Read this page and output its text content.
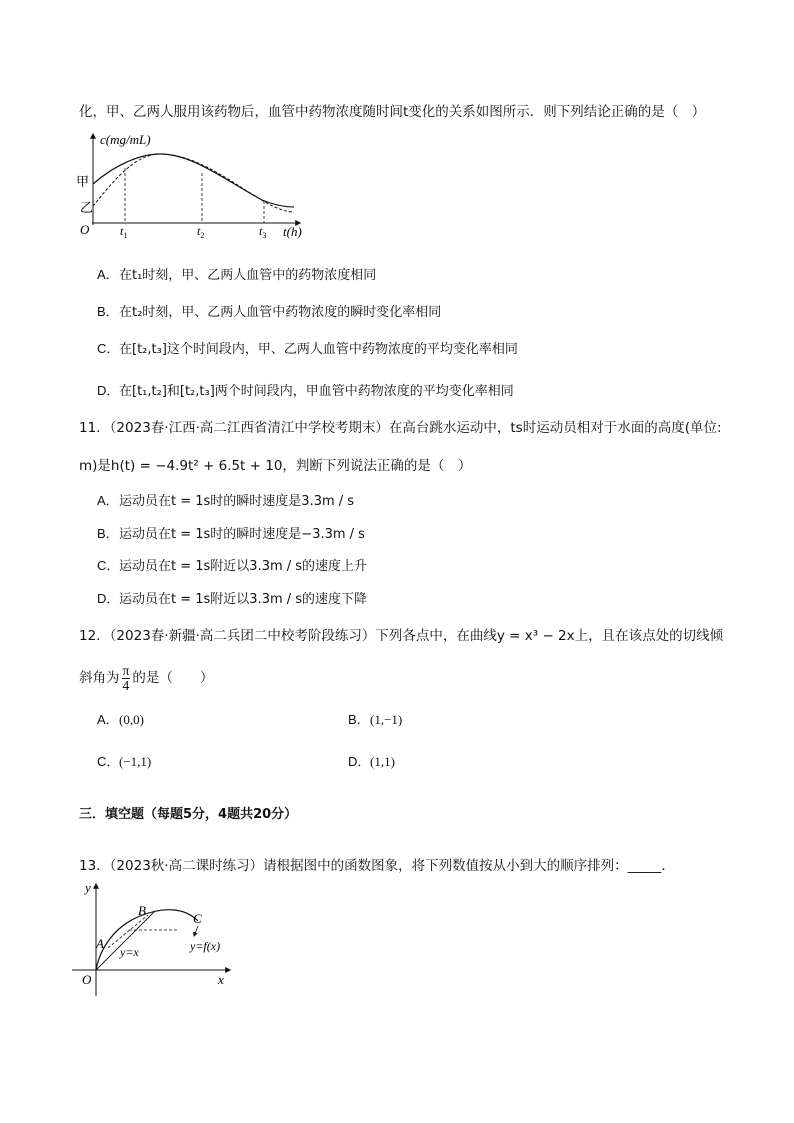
化，甲、乙两人服用该药物后，血管中药物浓度随时间t变化的关系如图所示．则下列结论正确的是（　）
c(mg/mL)
t(h)
O
甲
乙
$t_1$	$t_2$	$t_3$
A．在t₁时刻，甲、乙两人血管中的药物浓度相同
B．在t₂时刻，甲、乙两人血管中药物浓度的瞬时变化率相同
C．在[t₂,t₃]这个时间段内，甲、乙两人血管中药物浓度的平均变化率相同
D．在[t₁,t₂]和[t₂,t₃]两个时间段内，甲血管中药物浓度的平均变化率相同
11．（2023春·江西·高二江西省清江中学校考期末）在高台跳水运动中，ts时运动员相对于水面的高度(单位:
m)是h(t) = −4.9t² + 6.5t + 10，判断下列说法正确的是（　）
A．运动员在t = 1s时的瞬时速度是3.3m / s
B．运动员在t = 1s时的瞬时速度是−3.3m / s
C．运动员在t = 1s附近以3.3m / s的速度上升
D．运动员在t = 1s附近以3.3m / s的速度下降
12．（2023春·新疆·高二兵团二中校考阶段练习）下列各点中，在曲线y = x³ − 2x上，且在该点处的切线倾
斜角为 $\frac{\pi}{4}$ 的是（　　）
A．(0,0)	B．(1,−1)
C．(−1,1)	D．(1,1)
三．填空题（每题5分，4题共20分）
13．（2023秋·高二课时练习）请根据图中的函数图象，将下列数值按从小到大的顺序排列：_____．
y
x
O
A
B
C
y=x	y=f(x)
